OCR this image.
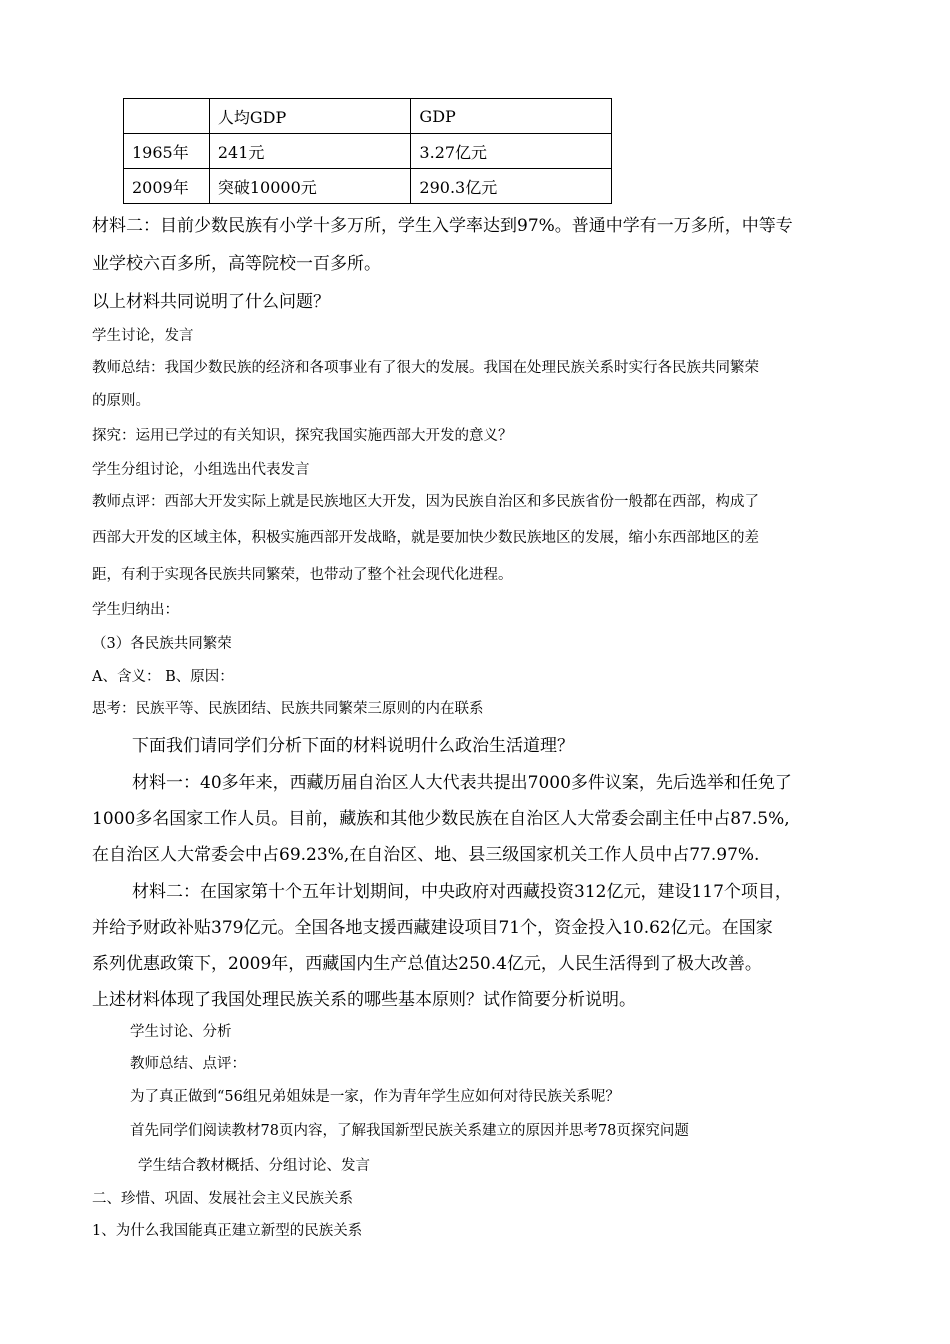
	人均GDP	GDP
1965年	241元	3.27亿元
2009年	突破10000元	290.3亿元
材料二：目前少数民族有小学十多万所，学生入学率达到97%。普通中学有一万多所，中等专
业学校六百多所，高等院校一百多所。
以上材料共同说明了什么问题？
学生讨论，发言
教师总结：我国少数民族的经济和各项事业有了很大的发展。我国在处理民族关系时实行各民族共同繁荣
的原则。
探究：运用已学过的有关知识，探究我国实施西部大开发的意义？
学生分组讨论，小组选出代表发言
教师点评：西部大开发实际上就是民族地区大开发，因为民族自治区和多民族省份一般都在西部，构成了
西部大开发的区域主体，积极实施西部开发战略，就是要加快少数民族地区的发展，缩小东西部地区的差
距，有利于实现各民族共同繁荣，也带动了整个社会现代化进程。
学生归纳出：
（3）各民族共同繁荣
A、含义： B、原因：
思考：民族平等、民族团结、民族共同繁荣三原则的内在联系
下面我们请同学们分析下面的材料说明什么政治生活道理？
材料一：40多年来，西藏历届自治区人大代表共提出7000多件议案，先后选举和任免了
1000多名国家工作人员。目前，藏族和其他少数民族在自治区人大常委会副主任中占87.5%,
在自治区人大常委会中占69.23%,在自治区、地、县三级国家机关工作人员中占77.97%.
材料二：在国家第十个五年计划期间，中央政府对西藏投资312亿元，建设117个项目，
并给予财政补贴379亿元。全国各地支援西藏建设项目71个，资金投入10.62亿元。在国家
系列优惠政策下，2009年，西藏国内生产总值达250.4亿元，人民生活得到了极大改善。
上述材料体现了我国处理民族关系的哪些基本原则？试作简要分析说明。
学生讨论、分析
教师总结、点评：
为了真正做到“56组兄弟姐妹是一家，作为青年学生应如何对待民族关系呢？
首先同学们阅读教材78页内容，了解我国新型民族关系建立的原因并思考78页探究问题
学生结合教材概括、分组讨论、发言
二、珍惜、巩固、发展社会主义民族关系
1、为什么我国能真正建立新型的民族关系
